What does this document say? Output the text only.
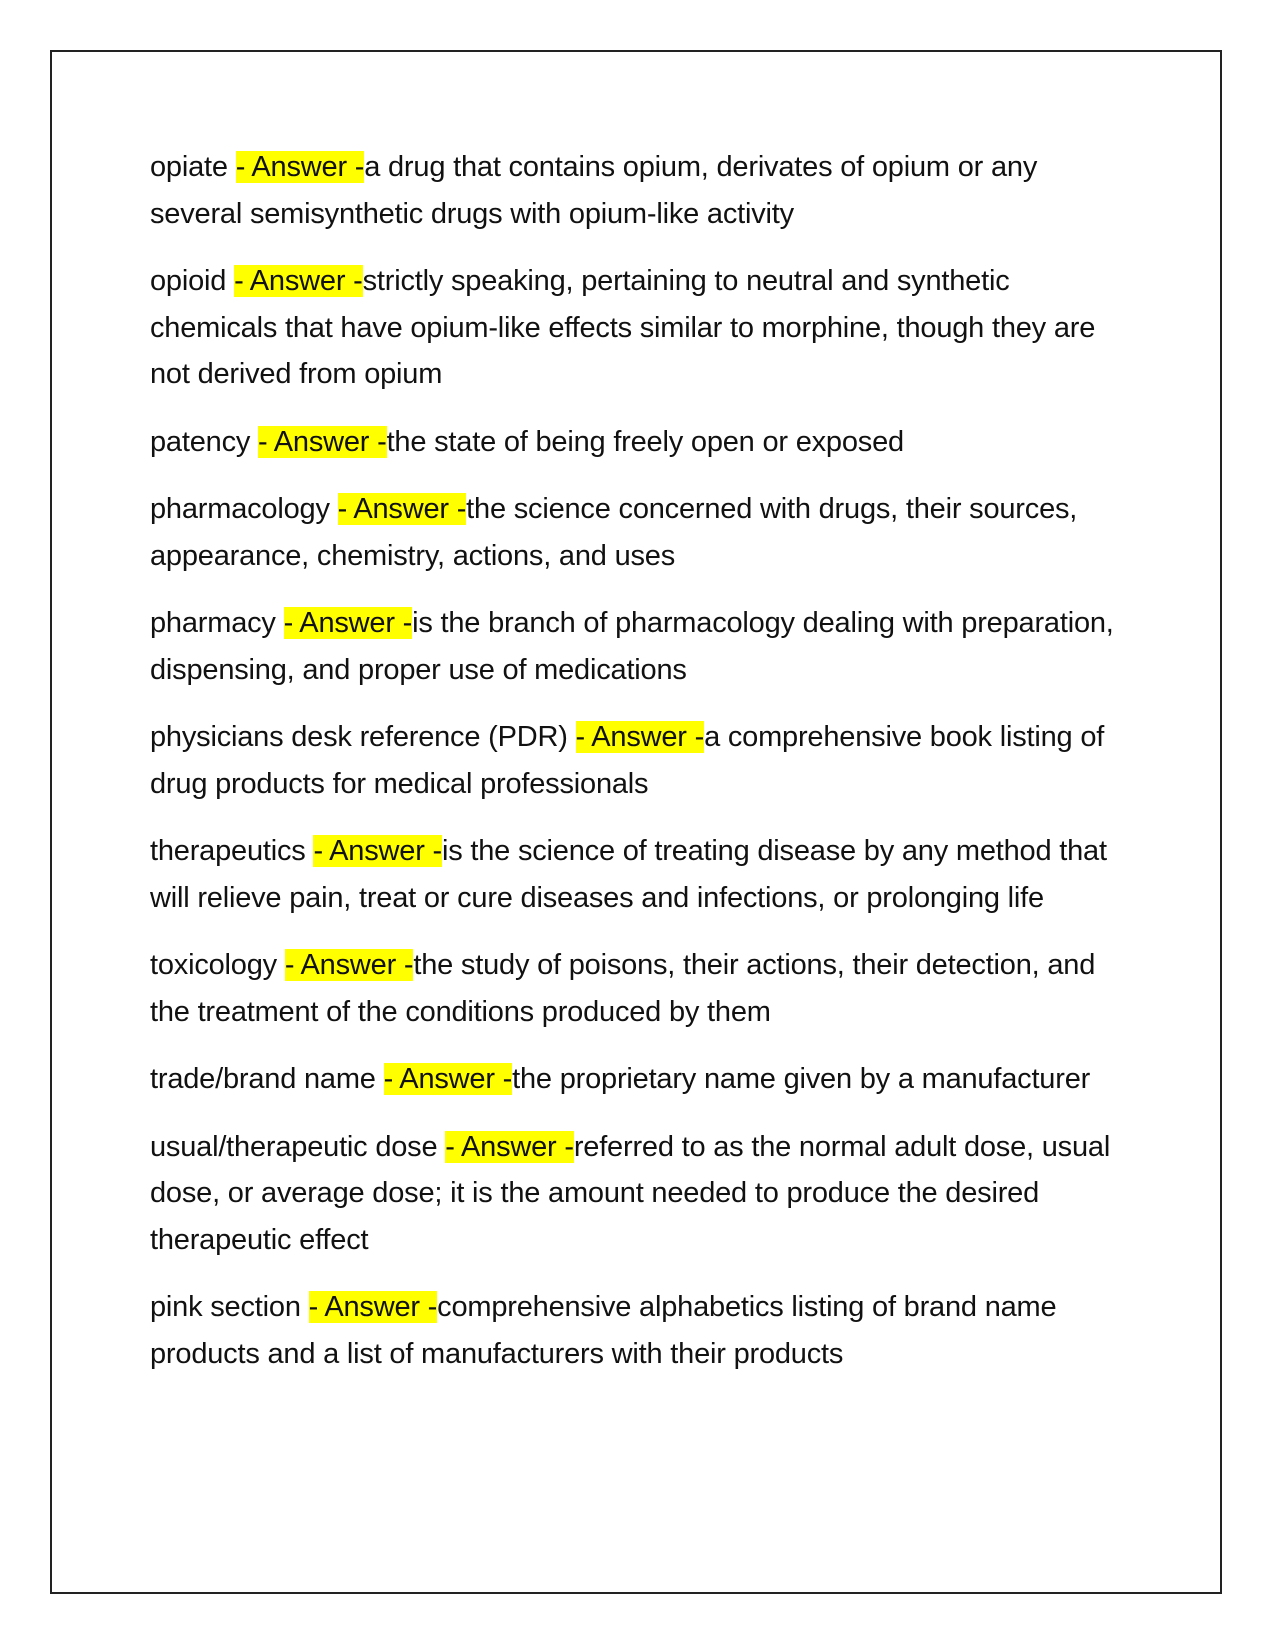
opiate - Answer -a drug that contains opium, derivates of opium or any several semisynthetic drugs with opium-like activity

opioid - Answer -strictly speaking, pertaining to neutral and synthetic chemicals that have opium-like effects similar to morphine, though they are not derived from opium

patency - Answer -the state of being freely open or exposed

pharmacology - Answer -the science concerned with drugs, their sources, appearance, chemistry, actions, and uses

pharmacy - Answer -is the branch of pharmacology dealing with preparation, dispensing, and proper use of medications

physicians desk reference (PDR) - Answer -a comprehensive book listing of drug products for medical professionals

therapeutics - Answer -is the science of treating disease by any method that will relieve pain, treat or cure diseases and infections, or prolonging life

toxicology - Answer -the study of poisons, their actions, their detection, and the treatment of the conditions produced by them

trade/brand name - Answer -the proprietary name given by a manufacturer

usual/therapeutic dose - Answer -referred to as the normal adult dose, usual dose, or average dose; it is the amount needed to produce the desired therapeutic effect

pink section - Answer -comprehensive alphabetics listing of brand name products and a list of manufacturers with their products
